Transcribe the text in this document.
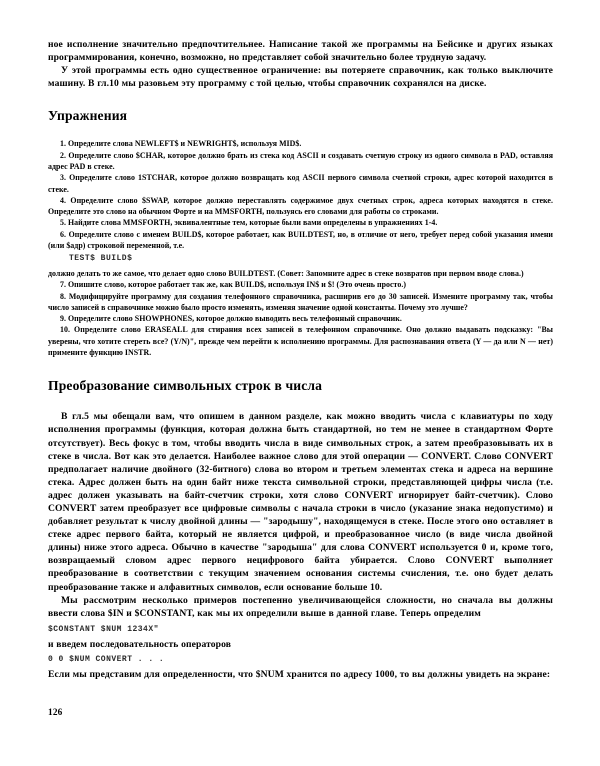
ное исполнение значительно предпочтительнее. Написание такой же программы на Бейсике и других языках программирования, конечно, возможно, но представляет собой значительно более трудную задачу.

У этой программы есть одно существенное ограничение: вы потеряете справочник, как только выключите машину. В гл.10 мы разовьем эту программу с той целью, чтобы справочник сохранялся на диске.

Упражнения

1. Определите слова NEWLEFT$ и NEWRIGHT$, используя MID$.

2. Определите слово $CHAR, которое должно брать из стека код ASCII и создавать счетную строку из одного символа в PAD, оставляя адрес PAD в стеке.

3. Определите слово 1STCHAR, которое должно возвращать код ASCII первого символа счетной строки, адрес которой находится в стеке.

4. Определите слово $SWAP, которое должно переставлять содержимое двух счетных строк, адреса которых находятся в стеке. Определите это слово на обычном Форте и на MMSFORTH, пользуясь его словами для работы со строками.

5. Найдите слова MMSFORTH, эквивалентные тем, которые были вами определены в упражнениях 1-4.

6. Определите слово с именем BUILD$, которое работает, как BUILDTEST, но, в отличие от него, требует перед собой указания имени (или $адр) строковой переменной, т.е.

TEST$ BUILD$

должно делать то же самое, что делает одно слово BUILDTEST. (Совет: Запомните адрес в стеке возвратов при первом вводе слова.)

7. Опишите слово, которое работает так же, как BUILD$, используя IN$ и $! (Это очень просто.)

8. Модифицируйте программу для создания телефонного справочника, расширив его до 30 записей. Измените программу так, чтобы число записей в справочнике можно было просто изменять, изменяя значение одной константы. Почему это лучше?

9. Определите слово SHOWPHONES, которое должно выводить весь телефонный справочник.

10. Определите слово ERASEALL для стирания всех записей в телефонном справочнике. Оно должно выдавать подсказку: "Вы уверены, что хотите стереть все? (Y/N)", прежде чем перейти к исполнению программы. Для распознавания ответа (Y — да или N — нет) примените функцию INSTR.

Преобразование символьных строк в числа

В гл.5 мы обещали вам, что опишем в данном разделе, как можно вводить числа с клавиатуры по ходу исполнения программы (функция, которая должна быть стандартной, но тем не менее в стандартном Форте отсутствует). Весь фокус в том, чтобы вводить числа в виде символьных строк, а затем преобразовывать их в стеке в числа. Вот как это делается. Наиболее важное слово для этой операции — CONVERT. Слово CONVERT предполагает наличие двойного (32-битного) слова во втором и третьем элементах стека и адреса на вершине стека. Адрес должен быть на один байт ниже текста символьной строки, представляющей цифры числа (т.е. адрес должен указывать на байт-счетчик строки, хотя слово CONVERT игнорирует байт-счетчик). Слово CONVERT затем преобразует все цифровые символы с начала строки в число (указание знака недопустимо) и добавляет результат к числу двойной длины — "зародышу", находящемуся в стеке. После этого оно оставляет в стеке адрес первого байта, который не является цифрой, и преобразованное число (в виде числа двойной длины) ниже этого адреса. Обычно в качестве "зародыша" для слова CONVERT используется 0 и, кроме того, возвращаемый словом адрес первого нецифрового байта убирается. Слово CONVERT выполняет преобразование в соответствии с текущим значением основания системы счисления, т.е. оно будет делать преобразование также и алфавитных символов, если основание больше 10.

Мы рассмотрим несколько примеров постепенно увеличивающейся сложности, но сначала вы должны ввести слова $IN и $CONSTANT, как мы их определили выше в данной главе. Теперь определим

$CONSTANT $NUM 1234X"

и введем последовательность операторов

0 0 $NUM CONVERT . . .

Если мы представим для определенности, что $NUM хранится по адресу 1000, то вы должны увидеть на экране:

126
